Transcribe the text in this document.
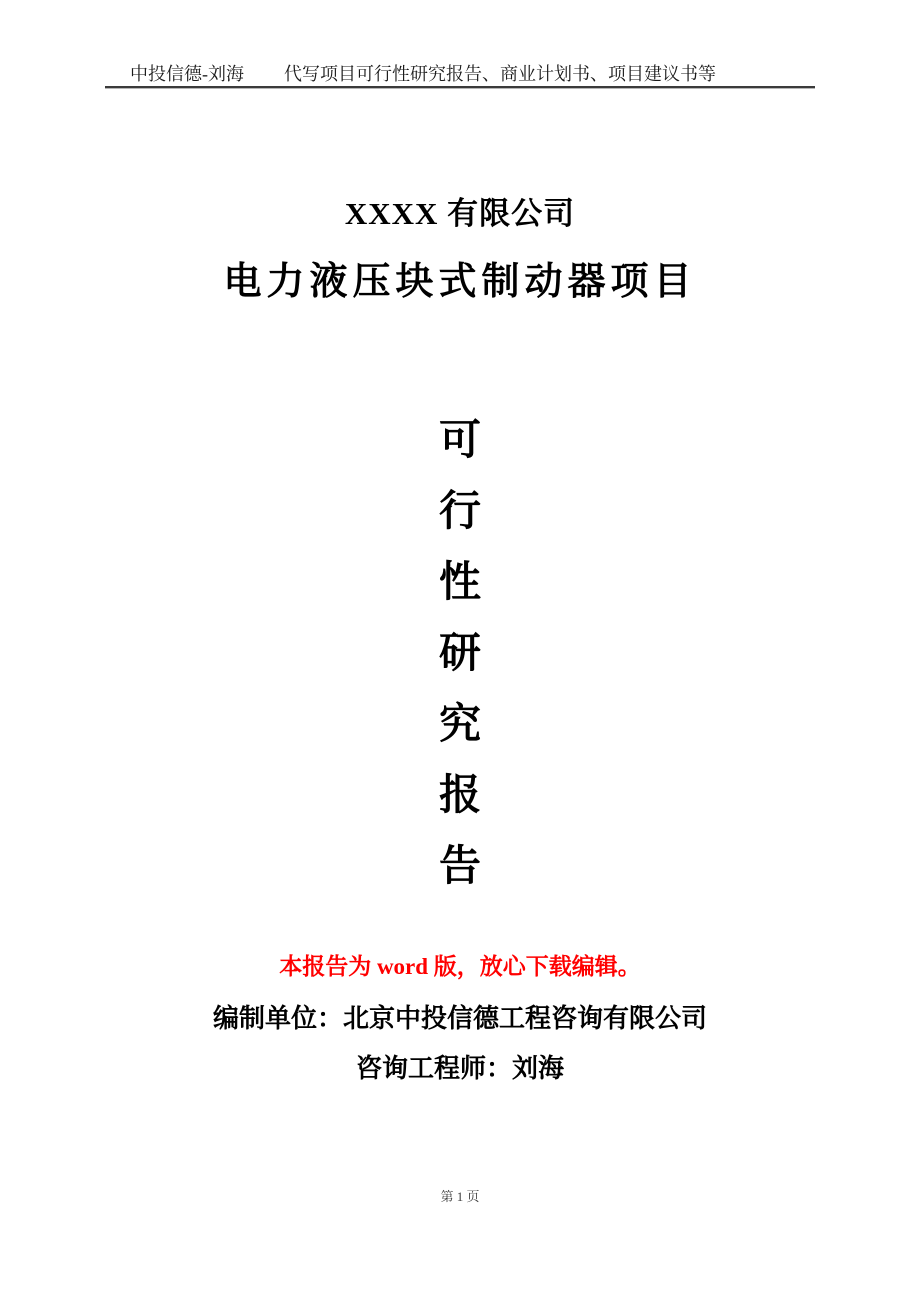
中投信德-刘海 代写项目可行性研究报告、商业计划书、项目建议书等
XXXX 有限公司
电力液压块式制动器项目
可
行
性
研
究
报
告
本报告为 word 版，放心下载编辑。
编制单位：北京中投信德工程咨询有限公司
咨询工程师：刘海
第 1 页
